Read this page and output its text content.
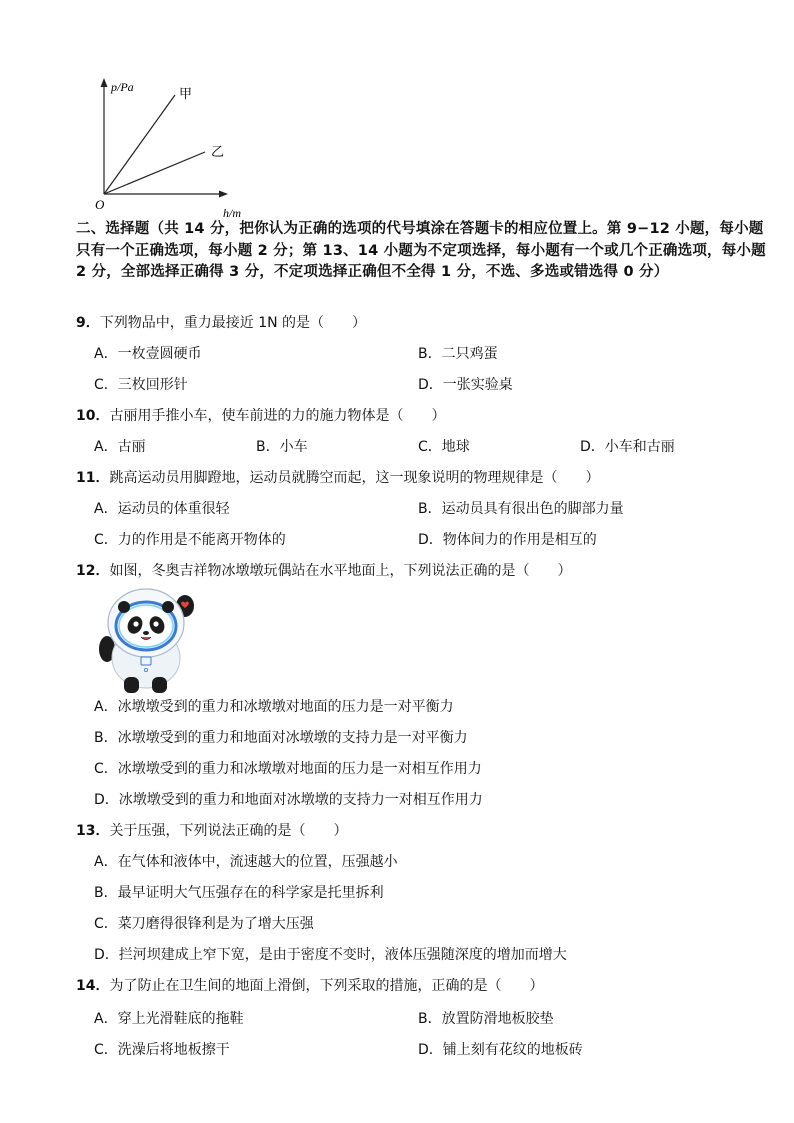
p/Pa
h/m
O
甲
乙
二、选择题（共 14 分，把你认为正确的选项的代号填涂在答题卡的相应位置上。第 9−12 小题，每小题只有一个正确选项，每小题 2 分；第 13、14 小题为不定项选择，每小题有一个或几个正确选项，每小题 2 分，全部选择正确得 3 分，不定项选择正确但不全得 1 分，不选、多选或错选得 0 分）
9．下列物品中，重力最接近 1N 的是（　　）
A．一枚壹圆硬币	B．二只鸡蛋
C．三枚回形针	D．一张实验桌
10．古丽用手推小车，使车前进的力的施力物体是（　　）
A．古丽	B．小车	C．地球	D．小车和古丽
11．跳高运动员用脚蹬地，运动员就腾空而起，这一现象说明的物理规律是（　　）
A．运动员的体重很轻	B．运动员具有很出色的脚部力量
C．力的作用是不能离开物体的	D．物体间力的作用是相互的
12．如图，冬奥吉祥物冰墩墩玩偶站在水平地面上，下列说法正确的是（　　）
A．冰墩墩受到的重力和冰墩墩对地面的压力是一对平衡力
B．冰墩墩受到的重力和地面对冰墩墩的支持力是一对平衡力
C．冰墩墩受到的重力和冰墩墩对地面的压力是一对相互作用力
D．冰墩墩受到的重力和地面对冰墩墩的支持力一对相互作用力
13．关于压强，下列说法正确的是（　　）
A．在气体和液体中，流速越大的位置，压强越小
B．最早证明大气压强存在的科学家是托里拆利
C．菜刀磨得很锋利是为了增大压强
D．拦河坝建成上窄下宽，是由于密度不变时，液体压强随深度的增加而增大
14．为了防止在卫生间的地面上滑倒，下列采取的措施，正确的是（　　）
A．穿上光滑鞋底的拖鞋	B．放置防滑地板胶垫
C．洗澡后将地板擦干	D．铺上刻有花纹的地板砖
